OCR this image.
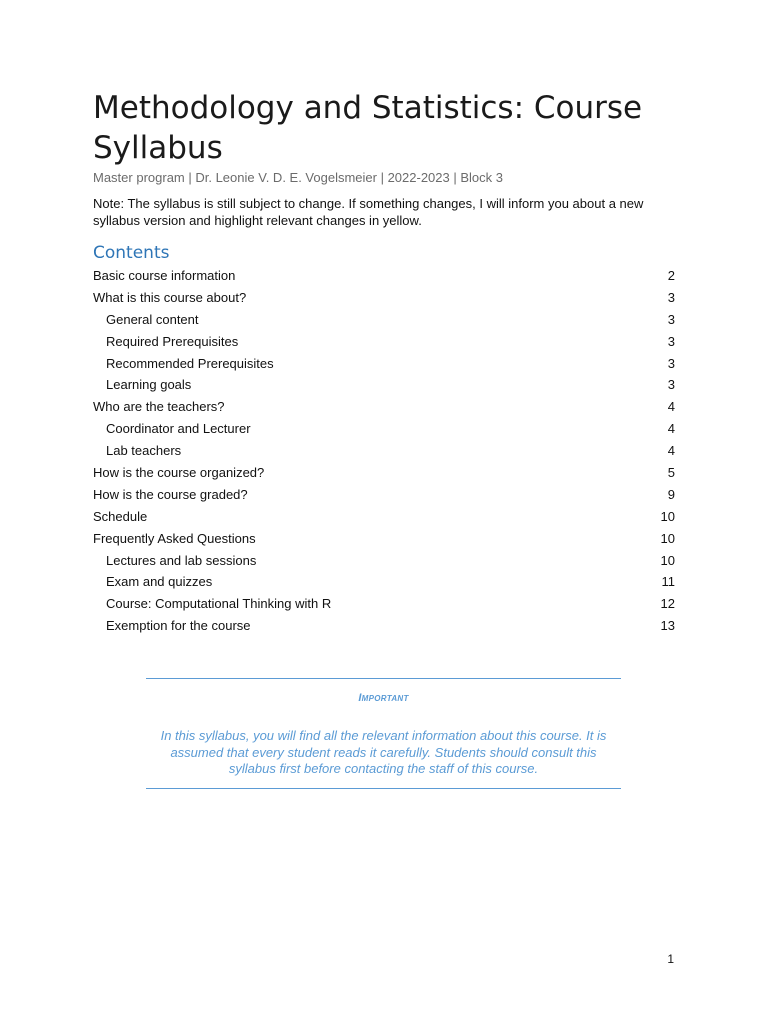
Methodology and Statistics: Course Syllabus
Master program | Dr. Leonie V. D. E. Vogelsmeier | 2022-2023 | Block 3
Note: The syllabus is still subject to change. If something changes, I will inform you about a new syllabus version and highlight relevant changes in yellow.
Contents
Basic course information	2
What is this course about?	3
General content	3
Required Prerequisites	3
Recommended Prerequisites	3
Learning goals	3
Who are the teachers?	4
Coordinator and Lecturer	4
Lab teachers	4
How is the course organized?	5
How is the course graded?	9
Schedule	10
Frequently Asked Questions	10
Lectures and lab sessions	10
Exam and quizzes	11
Course: Computational Thinking with R	12
Exemption for the course	13
Important
In this syllabus, you will find all the relevant information about this course. It is assumed that every student reads it carefully. Students should consult this syllabus first before contacting the staff of this course.
1
